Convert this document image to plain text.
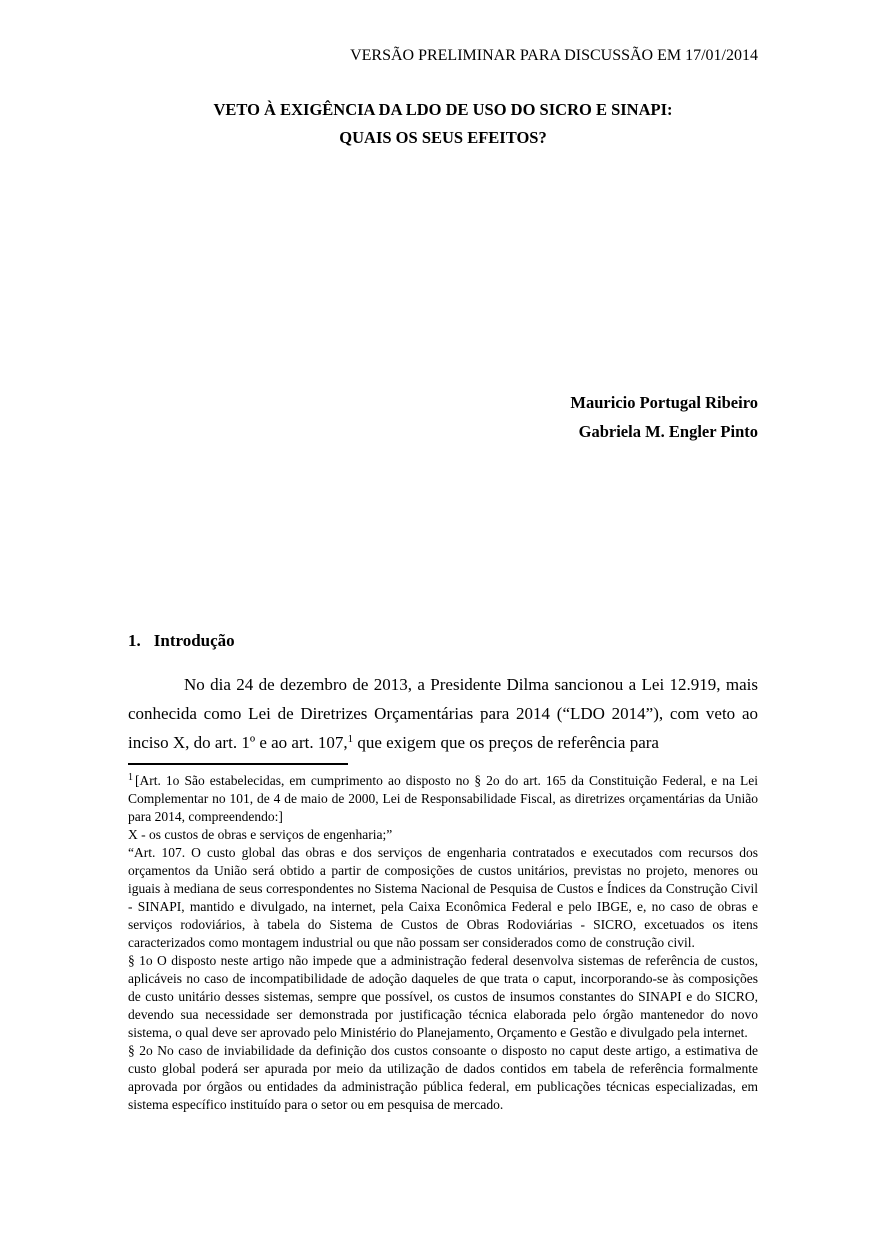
VERSÃO PRELIMINAR PARA DISCUSSÃO EM 17/01/2014
VETO À EXIGÊNCIA DA LDO DE USO DO SICRO E SINAPI:
QUAIS OS SEUS EFEITOS?
Mauricio Portugal Ribeiro
Gabriela M. Engler Pinto
1. Introdução

No dia 24 de dezembro de 2013, a Presidente Dilma sancionou a Lei 12.919, mais conhecida como Lei de Diretrizes Orçamentárias para 2014 (“LDO 2014”), com veto ao inciso X, do art. 1º e ao art. 107,$^1$ que exigem que os preços de referência para

$^1$ [Art. 1o São estabelecidas, em cumprimento ao disposto no § 2o do art. 165 da Constituição Federal, e na Lei Complementar no 101, de 4 de maio de 2000, Lei de Responsabilidade Fiscal, as diretrizes orçamentárias da União para 2014, compreendendo:]

X - os custos de obras e serviços de engenharia;”

“Art. 107. O custo global das obras e dos serviços de engenharia contratados e executados com recursos dos orçamentos da União será obtido a partir de composições de custos unitários, previstas no projeto, menores ou iguais à mediana de seus correspondentes no Sistema Nacional de Pesquisa de Custos e Índices da Construção Civil - SINAPI, mantido e divulgado, na internet, pela Caixa Econômica Federal e pelo IBGE, e, no caso de obras e serviços rodoviários, à tabela do Sistema de Custos de Obras Rodoviárias - SICRO, excetuados os itens caracterizados como montagem industrial ou que não possam ser considerados como de construção civil.

§ 1o O disposto neste artigo não impede que a administração federal desenvolva sistemas de referência de custos, aplicáveis no caso de incompatibilidade de adoção daqueles de que trata o caput, incorporando-se às composições de custo unitário desses sistemas, sempre que possível, os custos de insumos constantes do SINAPI e do SICRO, devendo sua necessidade ser demonstrada por justificação técnica elaborada pelo órgão mantenedor do novo sistema, o qual deve ser aprovado pelo Ministério do Planejamento, Orçamento e Gestão e divulgado pela internet.

§ 2o No caso de inviabilidade da definição dos custos consoante o disposto no caput deste artigo, a estimativa de custo global poderá ser apurada por meio da utilização de dados contidos em tabela de referência formalmente aprovada por órgãos ou entidades da administração pública federal, em publicações técnicas especializadas, em sistema específico instituído para o setor ou em pesquisa de mercado.
